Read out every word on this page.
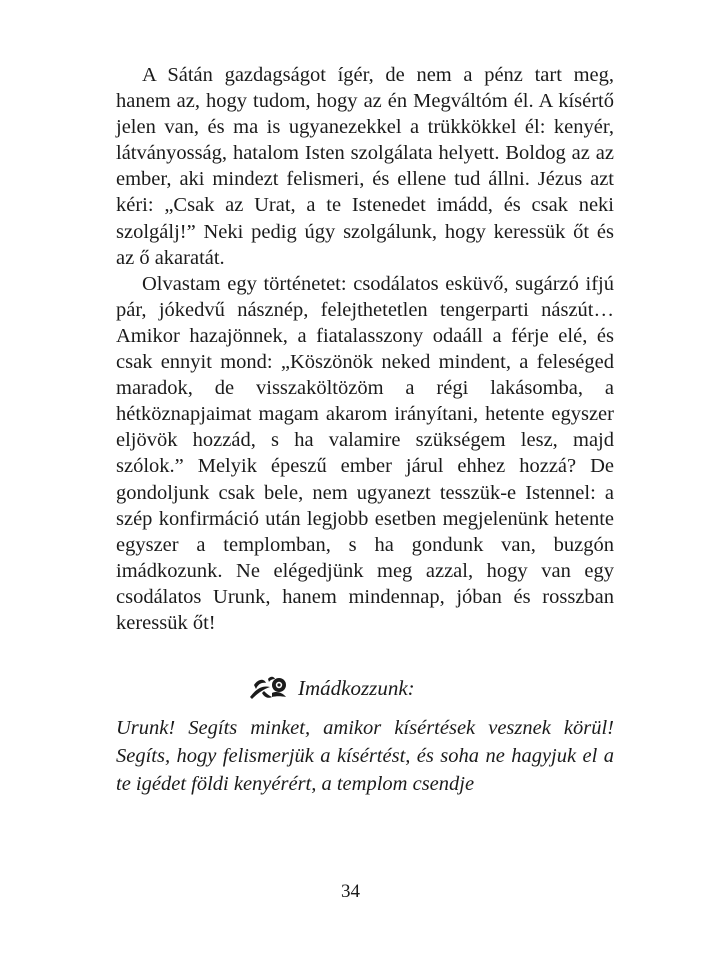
A Sátán gazdagságot ígér, de nem a pénz tart meg, hanem az, hogy tudom, hogy az én Megváltóm él. A kísértő jelen van, és ma is ugyanezekkel a trükkökkel él: kenyér, látványosság, hatalom Isten szolgálata helyett. Boldog az az ember, aki mindezt felismeri, és ellene tud állni. Jézus azt kéri: „Csak az Urat, a te Istenedet imádd, és csak neki szolgálj!” Neki pedig úgy szolgálunk, hogy keressük őt és az ő akaratát.

Olvastam egy történetet: csodálatos esküvő, sugárzó ifjú pár, jókedvű násznép, felejthetetlen tengerparti nászút… Amikor hazajönnek, a fiatalasszony odaáll a férje elé, és csak ennyit mond: „Köszönök neked mindent, a feleséged maradok, de visszaköltözöm a régi lakásomba, a hétköznapjaimat magam akarom irányítani, hetente egyszer eljövök hozzád, s ha valamire szükségem lesz, majd szólok.” Melyik épeszű ember járul ehhez hozzá? De gondoljunk csak bele, nem ugyanezt tesszük-e Istennel: a szép konfirmáció után legjobb esetben megjelenünk hetente egyszer a templomban, s ha gondunk van, buzgón imádkozunk. Ne elégedjünk meg azzal, hogy van egy csodálatos Urunk, hanem mindennap, jóban és rosszban keressük őt!

Imádkozzunk:

Urunk! Segíts minket, amikor kísértések vesznek körül! Segíts, hogy felismerjük a kísértést, és soha ne hagyjuk el a te igédet földi kenyérért, a templom csendje

34
